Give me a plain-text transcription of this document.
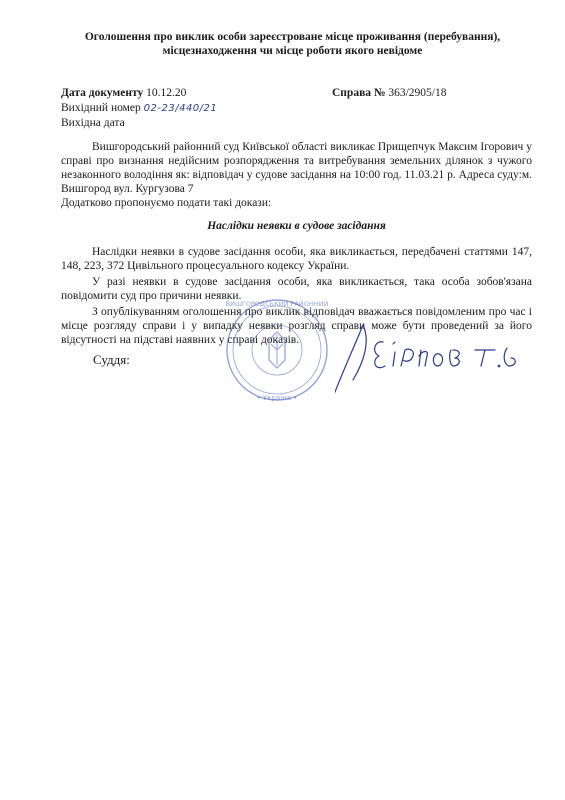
Оголошення про виклик особи зареєстроване місце проживання (перебування),
місцезнаходження чи місце роботи якого невідоме
Дата документу 10.12.20	Справа № 363/2905/18
Вихідний номер 02-23/440/21
Вихідна дата

Вишгородський районний суд Київської області викликає Прищепчук Максим Ігорович у справі про визнання недійсним розпорядження та витребування земельних ділянок з чужого незаконного володіння як: відповідач у судове засідання на 10:00 год. 11.03.21 р. Адреса суду:м. Вишгород вул. Кургузова 7

Додатково пропонуємо подати такі докази:

Наслідки неявки в судове засідання

Наслідки неявки в судове засідання особи, яка викликається, передбачені статтями 147, 148, 223, 372 Цивільного процесуального кодексу України.

У разі неявки в судове засідання особи, яка викликається, така особа зобов'язана повідомити суд про причини неявки.

З опублікуванням оголошення про виклик відповідач вважається повідомленим про час і місце розгляду справи і у випадку неявки розгляд справи може бути проведений за його відсутності на підставі наявних у справі доказів.

Суддя:
ВИШГОРОДСЬКИЙ РАЙОННИЙ
• Україна •
